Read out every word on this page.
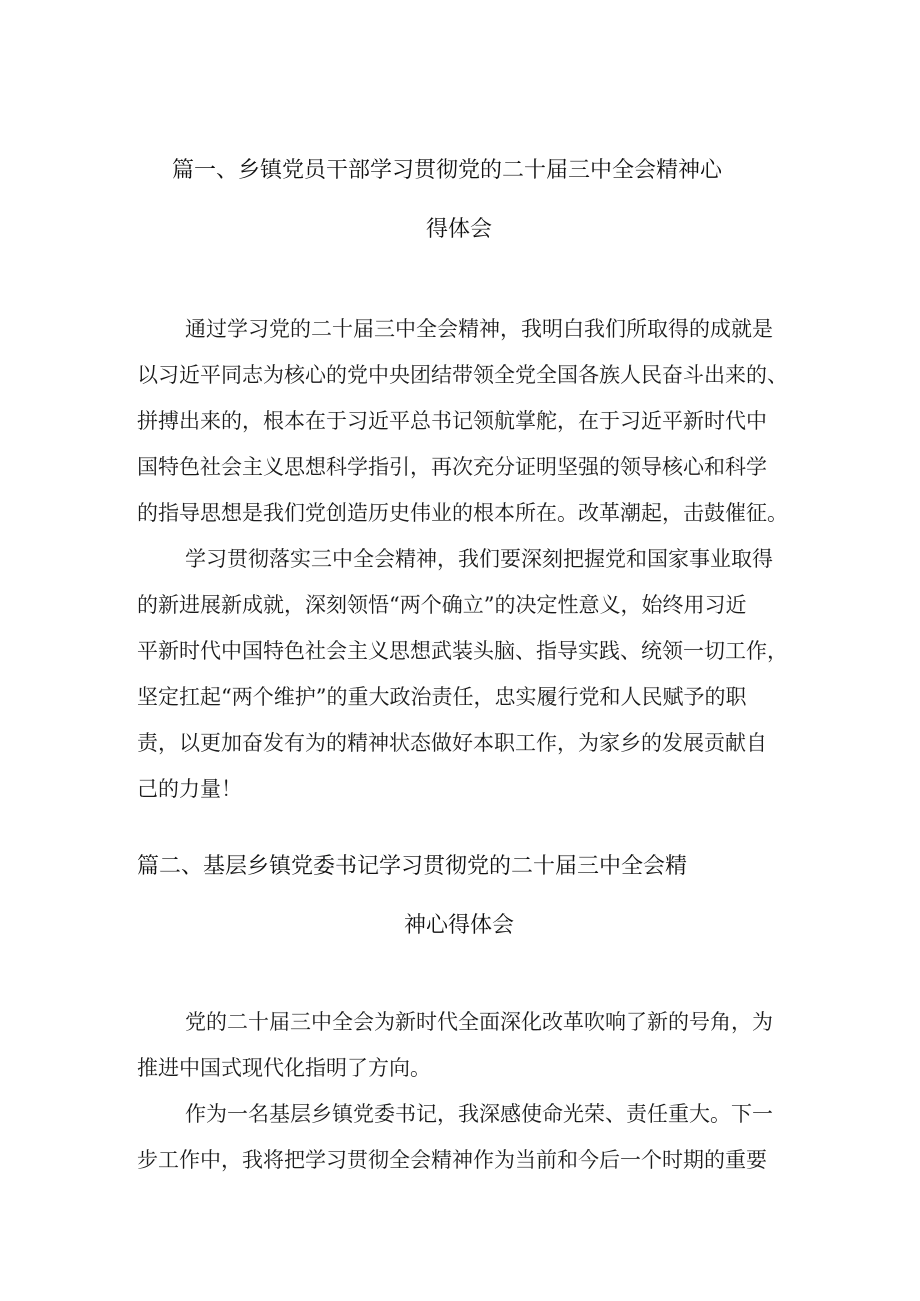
篇一、乡镇党员干部学习贯彻党的二十届三中全会精神心
得体会
通过学习党的二十届三中全会精神，我明白我们所取得的成就是
以习近平同志为核心的党中央团结带领全党全国各族人民奋斗出来的、
拼搏出来的，根本在于习近平总书记领航掌舵，在于习近平新时代中
国特色社会主义思想科学指引，再次充分证明坚强的领导核心和科学
的指导思想是我们党创造历史伟业的根本所在。改革潮起，击鼓催征。
学习贯彻落实三中全会精神，我们要深刻把握党和国家事业取得
的新进展新成就，深刻领悟“两个确立”的决定性意义，始终用习近
平新时代中国特色社会主义思想武装头脑、指导实践、统领一切工作，
坚定扛起“两个维护”的重大政治责任，忠实履行党和人民赋予的职
责，以更加奋发有为的精神状态做好本职工作，为家乡的发展贡献自
己的力量！
篇二、基层乡镇党委书记学习贯彻党的二十届三中全会精
神心得体会
党的二十届三中全会为新时代全面深化改革吹响了新的号角，为
推进中国式现代化指明了方向。
作为一名基层乡镇党委书记，我深感使命光荣、责任重大。下一
步工作中，我将把学习贯彻全会精神作为当前和今后一个时期的重要
